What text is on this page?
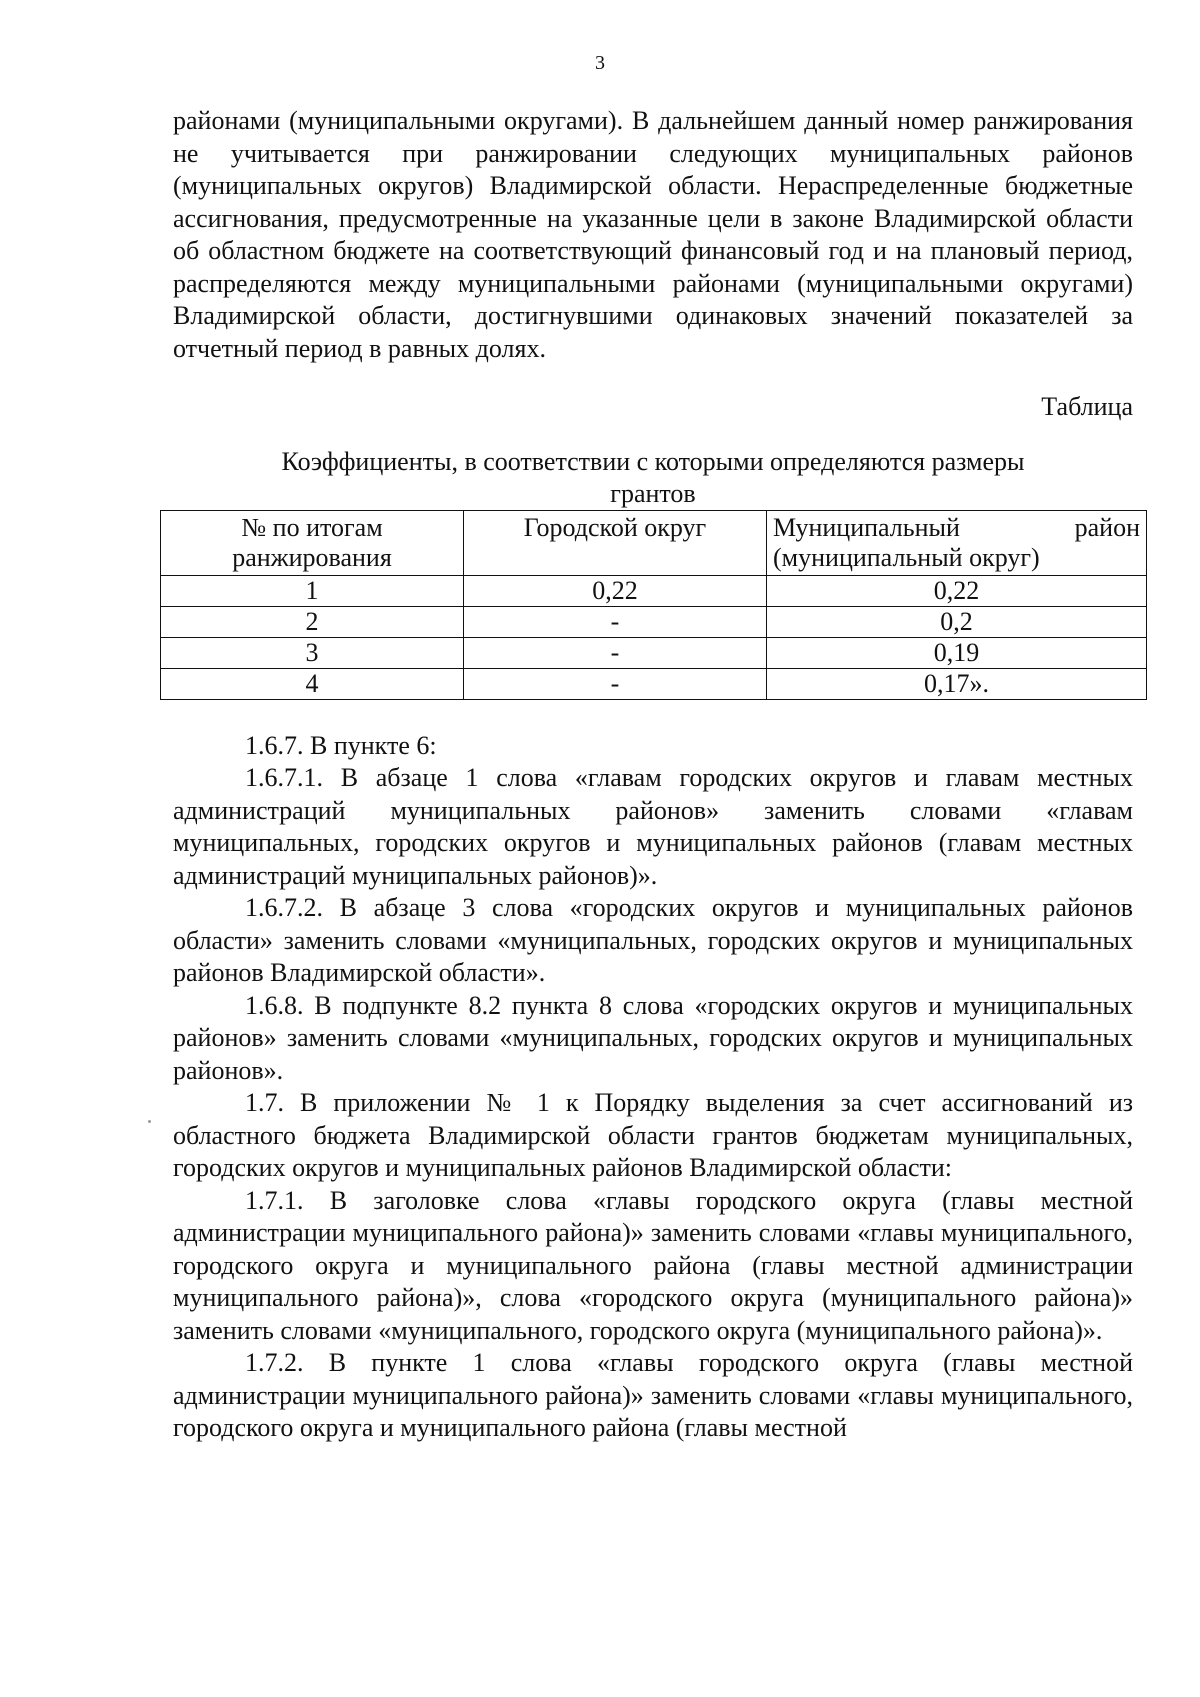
3

районами (муниципальными округами). В дальнейшем данный номер ранжирования не учитывается при ранжировании следующих муниципальных районов (муниципальных округов) Владимирской области. Нераспределенные бюджетные ассигнования, предусмотренные на указанные цели в законе Владимирской области об областном бюджете на соответствующий финансовый год и на плановый период, распределяются между муниципальными районами (муниципальными округами) Владимирской области, достигнувшими одинаковых значений показателей за отчетный период в равных долях.

Таблица

Коэффициенты, в соответствии с которыми определяются размеры грантов

№ по итогам ранжирования	Городской округ	Муниципальный район (муниципальный округ)
1	0,22	0,22
2	-	0,2
3	-	0,19
4	-	0,17».

1.6.7. В пункте 6:

1.6.7.1. В абзаце 1 слова «главам городских округов и главам местных администраций муниципальных районов» заменить словами «главам муниципальных, городских округов и муниципальных районов (главам местных администраций муниципальных районов)».

1.6.7.2. В абзаце 3 слова «городских округов и муниципальных районов области» заменить словами «муниципальных, городских округов и муниципальных районов Владимирской области».

1.6.8. В подпункте 8.2 пункта 8 слова «городских округов и муниципальных районов» заменить словами «муниципальных, городских округов и муниципальных районов».

1.7. В приложении № 1 к Порядку выделения за счет ассигнований из областного бюджета Владимирской области грантов бюджетам муниципальных, городских округов и муниципальных районов Владимирской области:

1.7.1. В заголовке слова «главы городского округа (главы местной администрации муниципального района)» заменить словами «главы муниципального, городского округа и муниципального района (главы местной администрации муниципального района)», слова «городского округа (муниципального района)» заменить словами «муниципального, городского округа (муниципального района)».

1.7.2. В пункте 1 слова «главы городского округа (главы местной администрации муниципального района)» заменить словами «главы муниципального, городского округа и муниципального района (главы местной
